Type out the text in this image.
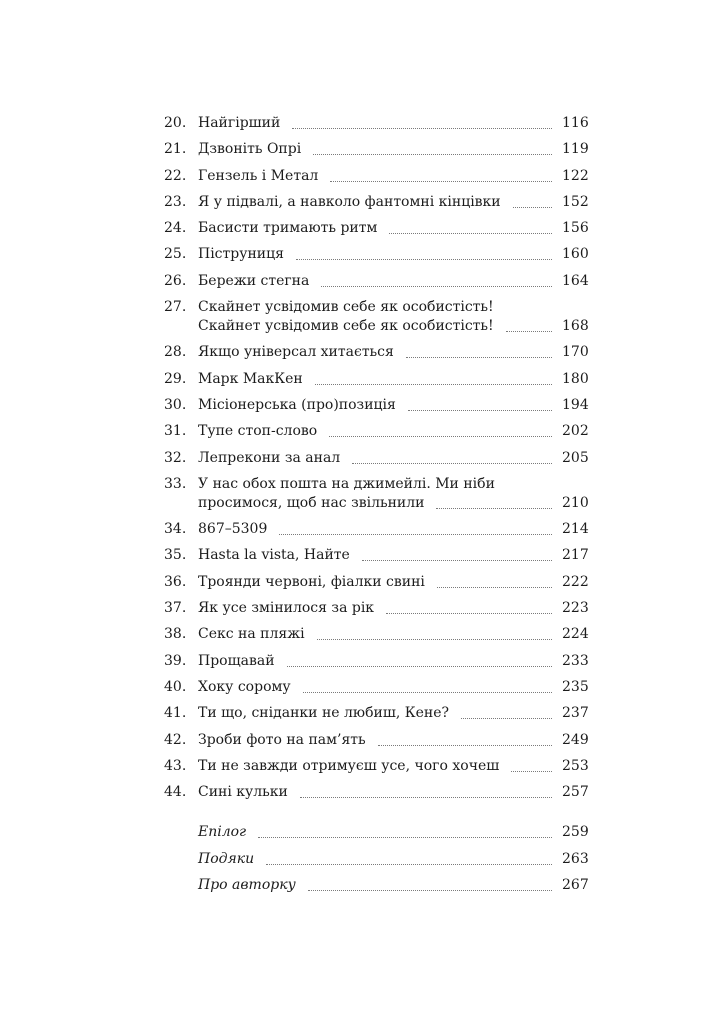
20. Найгірший	116
21. Дзвоніть Опрі	119
22. Гензель і Метал	122
23. Я у підвалі, а навколо фантомні кінцівки	152
24. Басисти тримають ритм	156
25. Піструниця	160
26. Бережи стегна	164
27. Скайнет усвідомив себе як особистість!
Скайнет усвідомив себе як особистість!	168
28. Якщо універсал хитається	170
29. Марк МакКен	180
30. Місіонерська (про)позиція	194
31. Тупе стоп-слово	202
32. Лепрекони за анал	205
33. У нас обох пошта на джимейлі. Ми ніби
просимося, щоб нас звільнили	210
34. 867–5309	214
35. Hasta la vista, Найте	217
36. Троянди червоні, фіалки свині	222
37. Як усе змінилося за рік	223
38. Секс на пляжі	224
39. Прощавай	233
40. Хоку сорому	235
41. Ти що, сніданки не любиш, Кене?	237
42. Зроби фото на пам’ять	249
43. Ти не завжди отримуєш усе, чого хочеш	253
44. Сині кульки	257
Епілог	259
Подяки	263
Про авторку	267
